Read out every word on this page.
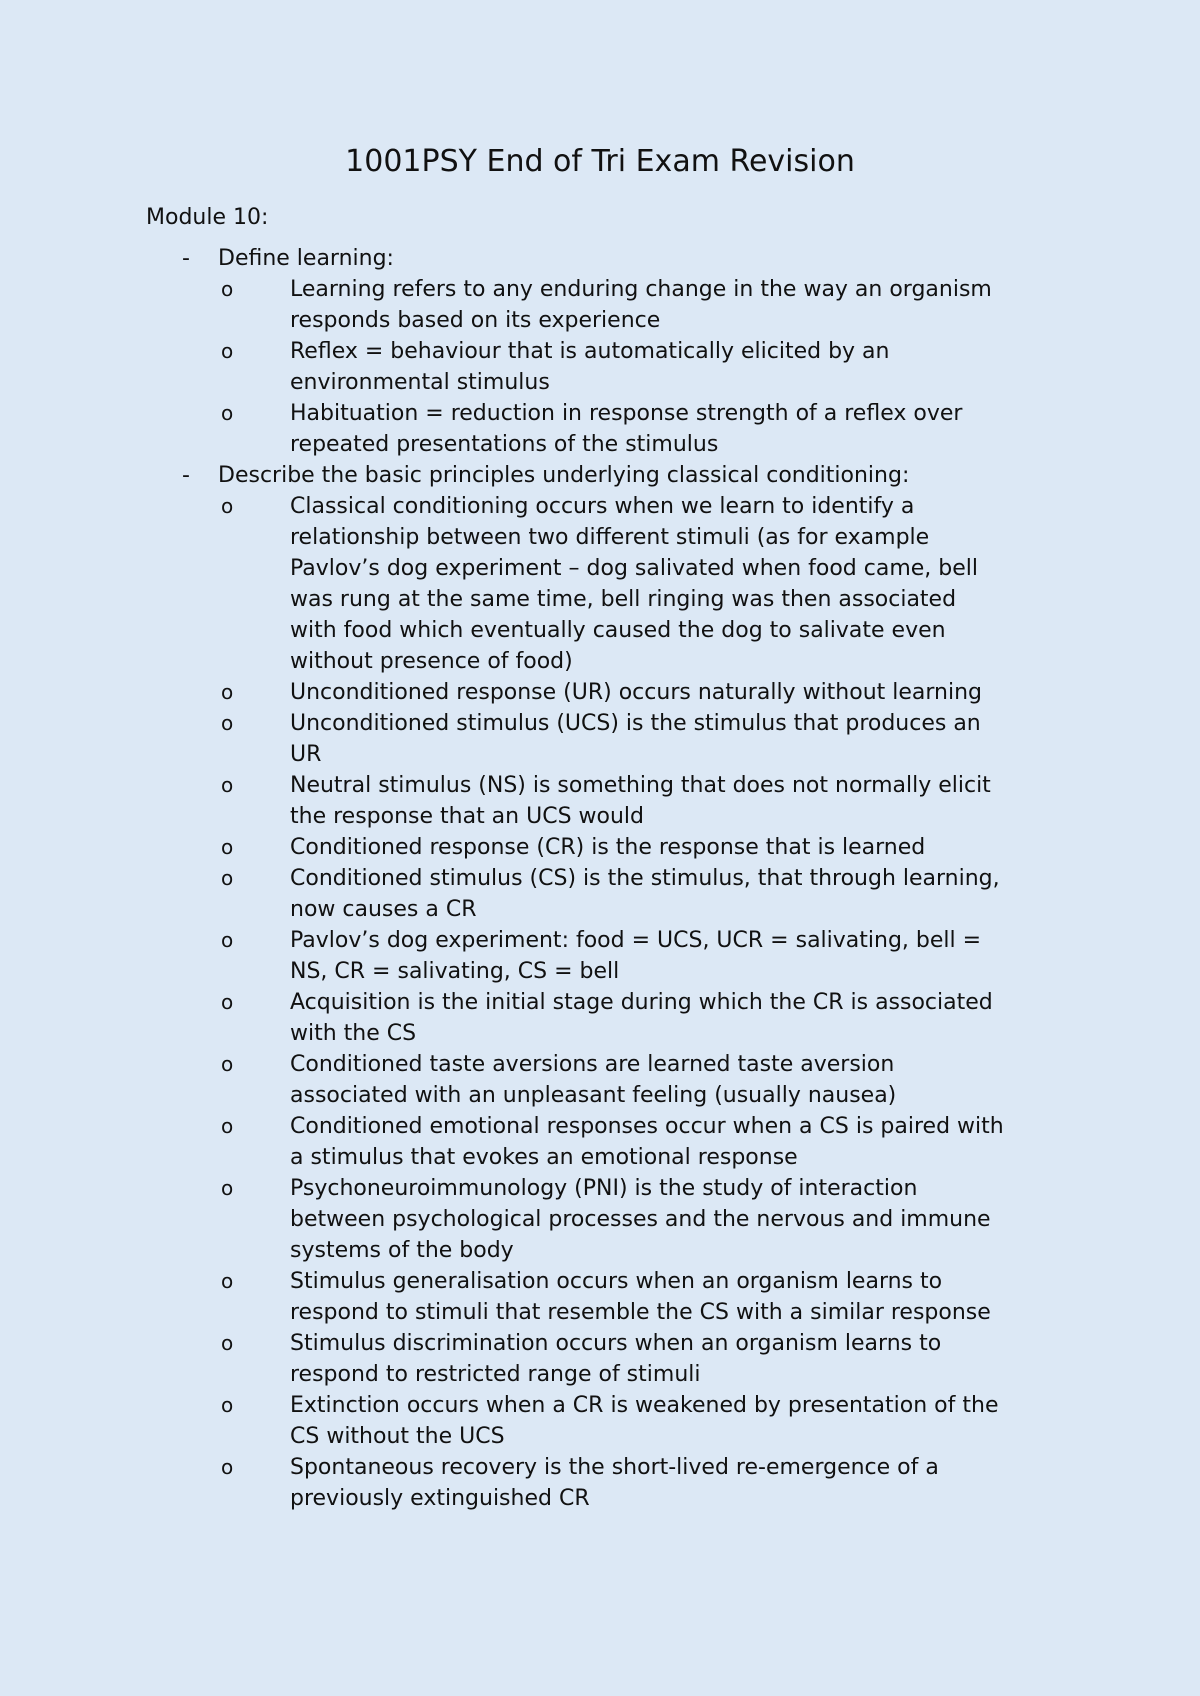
1001PSY End of Tri Exam Revision
Module 10:
- Define learning:
o	Learning refers to any enduring change in the way an organism responds based on its experience
o	Reflex = behaviour that is automatically elicited by an environmental stimulus
o	Habituation = reduction in response strength of a reflex over repeated presentations of the stimulus
- Describe the basic principles underlying classical conditioning:
o	Classical conditioning occurs when we learn to identify a relationship between two different stimuli (as for example Pavlov’s dog experiment – dog salivated when food came, bell was rung at the same time, bell ringing was then associated with food which eventually caused the dog to salivate even without presence of food)
o	Unconditioned response (UR) occurs naturally without learning
o	Unconditioned stimulus (UCS) is the stimulus that produces an UR
o	Neutral stimulus (NS) is something that does not normally elicit the response that an UCS would
o	Conditioned response (CR) is the response that is learned
o	Conditioned stimulus (CS) is the stimulus, that through learning, now causes a CR
o	Pavlov’s dog experiment: food = UCS, UCR = salivating, bell = NS, CR = salivating, CS = bell
o	Acquisition is the initial stage during which the CR is associated with the CS
o	Conditioned taste aversions are learned taste aversion associated with an unpleasant feeling (usually nausea)
o	Conditioned emotional responses occur when a CS is paired with a stimulus that evokes an emotional response
o	Psychoneuroimmunology (PNI) is the study of interaction between psychological processes and the nervous and immune systems of the body
o	Stimulus generalisation occurs when an organism learns to respond to stimuli that resemble the CS with a similar response
o	Stimulus discrimination occurs when an organism learns to respond to restricted range of stimuli
o	Extinction occurs when a CR is weakened by presentation of the CS without the UCS
o	Spontaneous recovery is the short-lived re-emergence of a previously extinguished CR
